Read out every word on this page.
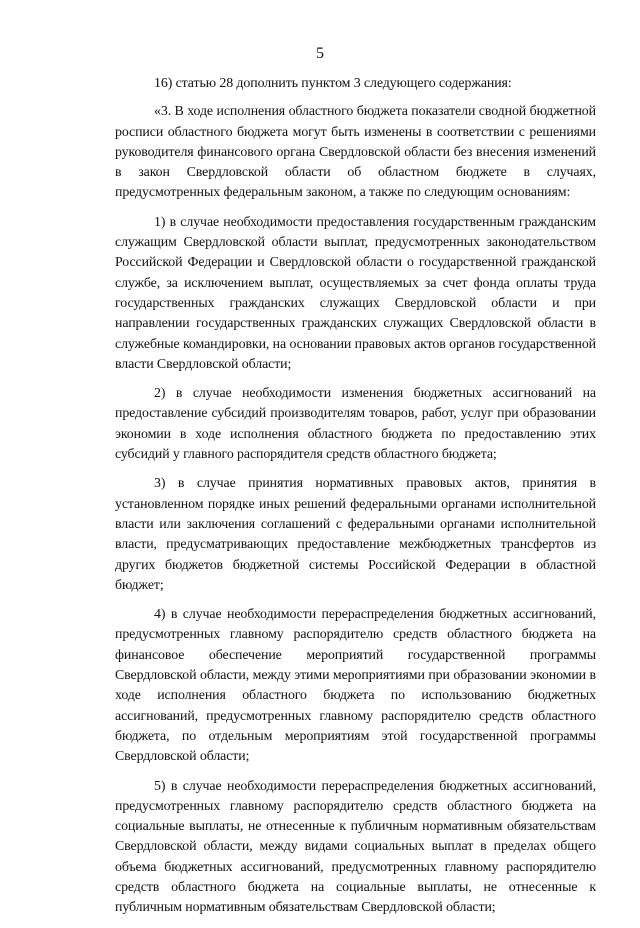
5

16) статью 28 дополнить пунктом 3 следующего содержания:

«3. В ходе исполнения областного бюджета показатели сводной бюджетной росписи областного бюджета могут быть изменены в соответствии с решениями руководителя финансового органа Свердловской области без внесения изменений в закон Свердловской области об областном бюджете в случаях, предусмотренных федеральным законом, а также по следующим основаниям:

1) в случае необходимости предоставления государственным гражданским служащим Свердловской области выплат, предусмотренных законодательством Российской Федерации и Свердловской области о государственной гражданской службе, за исключением выплат, осуществляемых за счет фонда оплаты труда государственных гражданских служащих Свердловской области и при направлении государственных гражданских служащих Свердловской области в служебные командировки, на основании правовых актов органов государственной власти Свердловской области;

2) в случае необходимости изменения бюджетных ассигнований на предоставление субсидий производителям товаров, работ, услуг при образовании экономии в ходе исполнения областного бюджета по предоставлению этих субсидий у главного распорядителя средств областного бюджета;

3) в случае принятия нормативных правовых актов, принятия в установленном порядке иных решений федеральными органами исполнительной власти или заключения соглашений с федеральными органами исполнительной власти, предусматривающих предоставление межбюджетных трансфертов из других бюджетов бюджетной системы Российской Федерации в областной бюджет;

4) в случае необходимости перераспределения бюджетных ассигнований, предусмотренных главному распорядителю средств областного бюджета на финансовое обеспечение мероприятий государственной программы Свердловской области, между этими мероприятиями при образовании экономии в ходе исполнения областного бюджета по использованию бюджетных ассигнований, предусмотренных главному распорядителю средств областного бюджета, по отдельным мероприятиям этой государственной программы Свердловской области;

5) в случае необходимости перераспределения бюджетных ассигнований, предусмотренных главному распорядителю средств областного бюджета на социальные выплаты, не отнесенные к публичным нормативным обязательствам Свердловской области, между видами социальных выплат в пределах общего объема бюджетных ассигнований, предусмотренных главному распорядителю средств областного бюджета на социальные выплаты, не отнесенные к публичным нормативным обязательствам Свердловской области;
